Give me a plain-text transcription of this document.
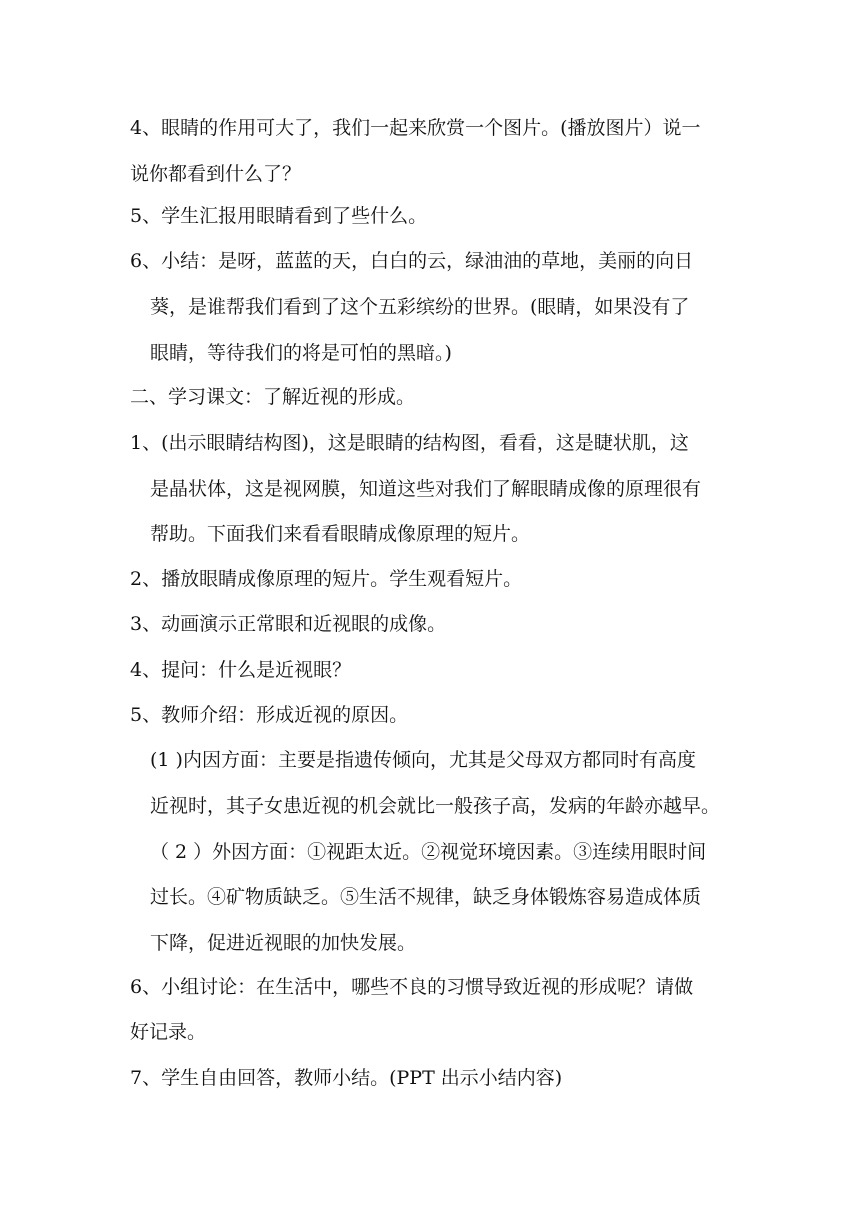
4、眼睛的作用可大了，我们一起来欣赏一个图片。(播放图片）说一
说你都看到什么了？
5、学生汇报用眼睛看到了些什么。
6、小结：是呀，蓝蓝的天，白白的云，绿油油的草地，美丽的向日
葵，是谁帮我们看到了这个五彩缤纷的世界。(眼睛，如果没有了
眼睛，等待我们的将是可怕的黑暗。)
二、学习课文：了解近视的形成。
1、(出示眼睛结构图)，这是眼睛的结构图，看看，这是睫状肌，这
是晶状体，这是视网膜，知道这些对我们了解眼睛成像的原理很有
帮助。下面我们来看看眼睛成像原理的短片。
2、播放眼睛成像原理的短片。学生观看短片。
3、动画演示正常眼和近视眼的成像。
4、提问：什么是近视眼？
5、教师介绍：形成近视的原因。
(1 )内因方面：主要是指遗传倾向，尤其是父母双方都同时有高度
近视时，其子女患近视的机会就比一般孩子高，发病的年龄亦越早。
（ 2 ）外因方面：①视距太近。②视觉环境因素。③连续用眼时间
过长。④矿物质缺乏。⑤生活不规律，缺乏身体锻炼容易造成体质
下降，促进近视眼的加快发展。
6、小组讨论：在生活中，哪些不良的习惯导致近视的形成呢？请做
好记录。
7、学生自由回答，教师小结。(PPT 出示小结内容)
